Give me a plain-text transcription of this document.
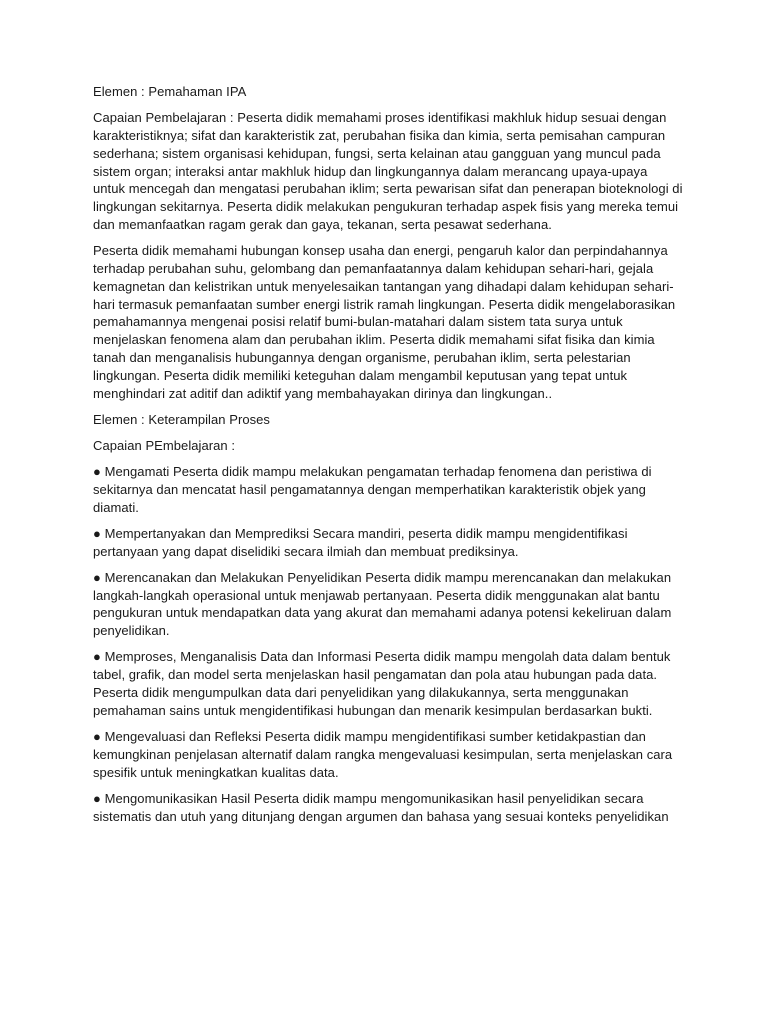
Elemen : Pemahaman IPA

Capaian Pembelajaran : Peserta didik memahami proses identifikasi makhluk hidup sesuai dengan karakteristiknya; sifat dan karakteristik zat, perubahan fisika dan kimia, serta pemisahan campuran sederhana; sistem organisasi kehidupan, fungsi, serta kelainan atau gangguan yang muncul pada sistem organ; interaksi antar makhluk hidup dan lingkungannya dalam merancang upaya-upaya untuk mencegah dan mengatasi perubahan iklim; serta pewarisan sifat dan penerapan bioteknologi di lingkungan sekitarnya. Peserta didik melakukan pengukuran terhadap aspek fisis yang mereka temui dan memanfaatkan ragam gerak dan gaya, tekanan, serta pesawat sederhana.

Peserta didik memahami hubungan konsep usaha dan energi, pengaruh kalor dan perpindahannya terhadap perubahan suhu, gelombang dan pemanfaatannya dalam kehidupan sehari-hari, gejala kemagnetan dan kelistrikan untuk menyelesaikan tantangan yang dihadapi dalam kehidupan sehari-hari termasuk pemanfaatan sumber energi listrik ramah lingkungan. Peserta didik mengelaborasikan pemahamannya mengenai posisi relatif bumi-bulan-matahari dalam sistem tata surya untuk menjelaskan fenomena alam dan perubahan iklim. Peserta didik memahami sifat fisika dan kimia tanah dan menganalisis hubungannya dengan organisme, perubahan iklim, serta pelestarian lingkungan. Peserta didik memiliki keteguhan dalam mengambil keputusan yang tepat untuk menghindari zat aditif dan adiktif yang membahayakan dirinya dan lingkungan..

Elemen : Keterampilan Proses

Capaian PEmbelajaran :

● Mengamati Peserta didik mampu melakukan pengamatan terhadap fenomena dan peristiwa di sekitarnya dan mencatat hasil pengamatannya dengan memperhatikan karakteristik objek yang diamati.

● Mempertanyakan dan Memprediksi Secara mandiri, peserta didik mampu mengidentifikasi pertanyaan yang dapat diselidiki secara ilmiah dan membuat prediksinya.

● Merencanakan dan Melakukan Penyelidikan Peserta didik mampu merencanakan dan melakukan langkah-langkah operasional untuk menjawab pertanyaan. Peserta didik menggunakan alat bantu pengukuran untuk mendapatkan data yang akurat dan memahami adanya potensi kekeliruan dalam penyelidikan.

● Memproses, Menganalisis Data dan Informasi Peserta didik mampu mengolah data dalam bentuk tabel, grafik, dan model serta menjelaskan hasil pengamatan dan pola atau hubungan pada data. Peserta didik mengumpulkan data dari penyelidikan yang dilakukannya, serta menggunakan pemahaman sains untuk mengidentifikasi hubungan dan menarik kesimpulan berdasarkan bukti.

● Mengevaluasi dan Refleksi Peserta didik mampu mengidentifikasi sumber ketidakpastian dan kemungkinan penjelasan alternatif dalam rangka mengevaluasi kesimpulan, serta menjelaskan cara spesifik untuk meningkatkan kualitas data.

● Mengomunikasikan Hasil Peserta didik mampu mengomunikasikan hasil penyelidikan secara sistematis dan utuh yang ditunjang dengan argumen dan bahasa yang sesuai konteks penyelidikan
